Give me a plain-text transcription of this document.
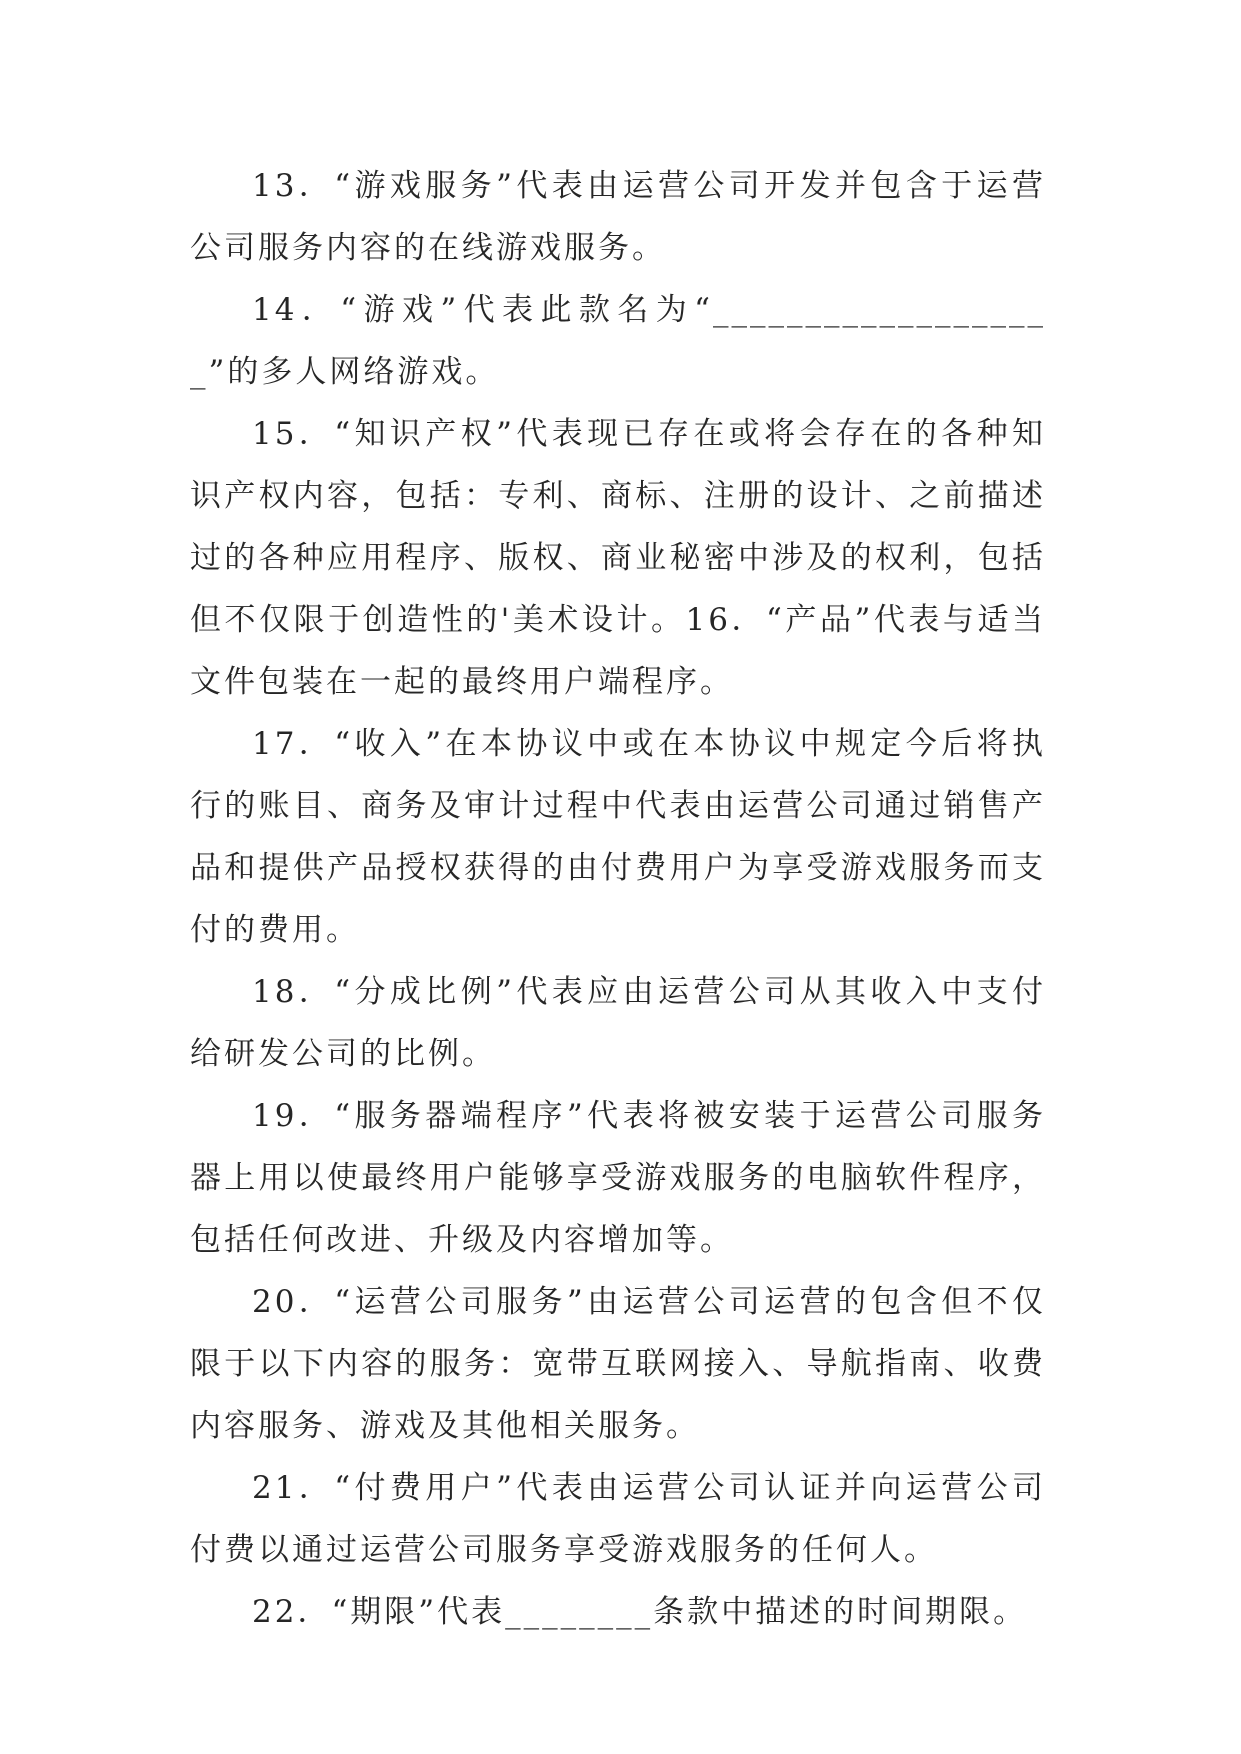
13．“游戏服务”代表由运营公司开发并包含于运营公司服务内容的在线游戏服务。

14．“游戏”代表此款名为“___________________”的多人网络游戏。

15．“知识产权”代表现已存在或将会存在的各种知识产权内容，包括：专利、商标、注册的设计、之前描述过的各种应用程序、版权、商业秘密中涉及的权利，包括但不仅限于创造性的'美术设计。16．“产品”代表与适当文件包装在一起的最终用户端程序。

17．“收入”在本协议中或在本协议中规定今后将执行的账目、商务及审计过程中代表由运营公司通过销售产品和提供产品授权获得的由付费用户为享受游戏服务而支付的费用。

18．“分成比例”代表应由运营公司从其收入中支付给研发公司的比例。

19．“服务器端程序”代表将被安装于运营公司服务器上用以使最终用户能够享受游戏服务的电脑软件程序，包括任何改进、升级及内容增加等。

20．“运营公司服务”由运营公司运营的包含但不仅限于以下内容的服务：宽带互联网接入、导航指南、收费内容服务、游戏及其他相关服务。

21．“付费用户”代表由运营公司认证并向运营公司付费以通过运营公司服务享受游戏服务的任何人。

22．“期限”代表________条款中描述的时间期限。
